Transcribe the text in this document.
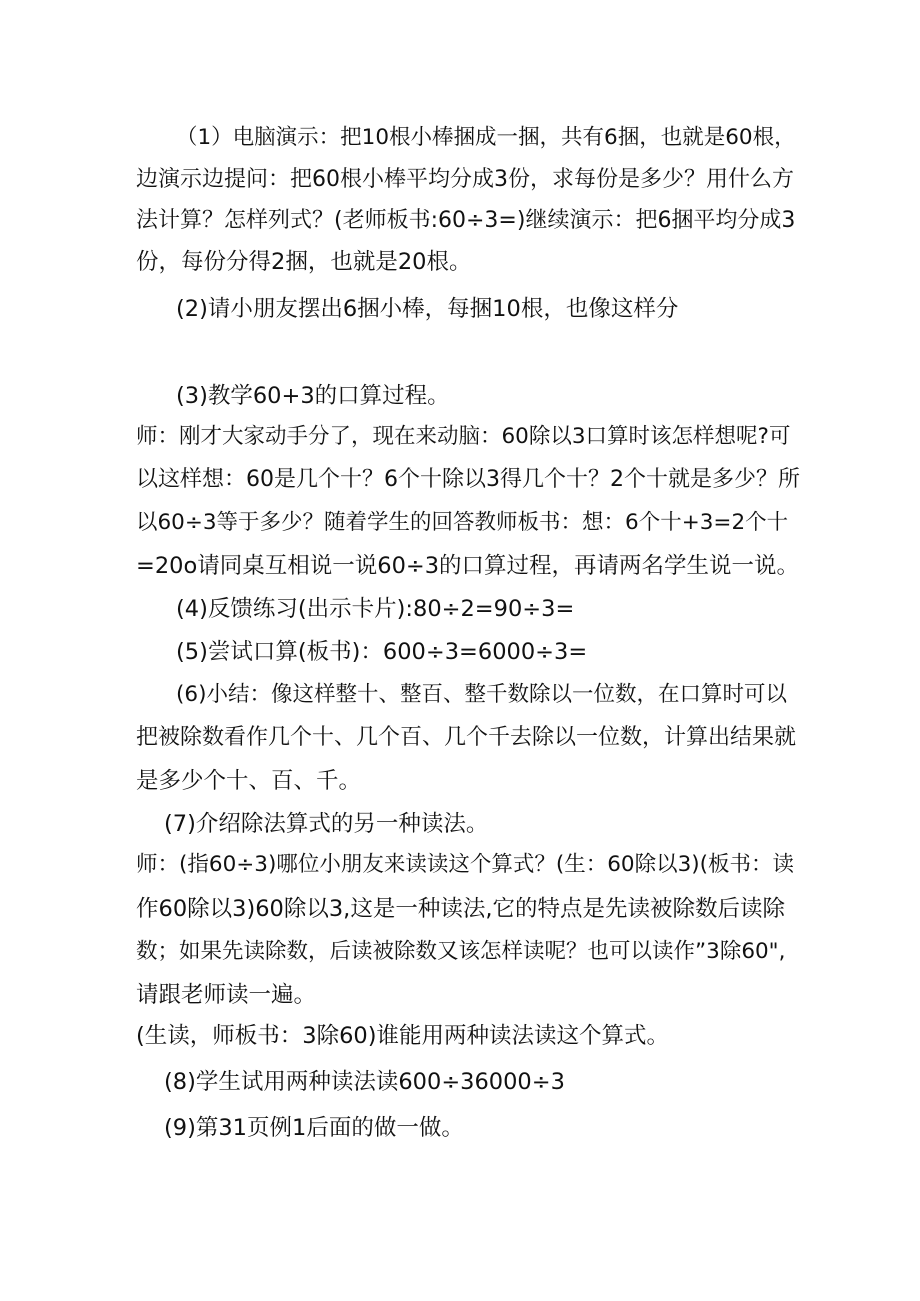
（1）电脑演示：把10根小棒捆成一捆，共有6捆，也就是60根，
边演示边提问：把60根小棒平均分成3份，求每份是多少？用什么方
法计算？怎样列式？(老师板书:60÷3=)继续演示：把6捆平均分成3
份，每份分得2捆，也就是20根。
(2)请小朋友摆出6捆小棒，每捆10根，也像这样分
(3)教学60+3的口算过程。
师：刚才大家动手分了，现在来动脑：60除以3口算时该怎样想呢?可
以这样想：60是几个十？6个十除以3得几个十？2个十就是多少？所
以60÷3等于多少？随着学生的回答教师板书：想：6个十+3=2个十
=20o请同桌互相说一说60÷3的口算过程，再请两名学生说一说。
(4)反馈练习(出示卡片):80÷2=90÷3=
(5)尝试口算(板书)：600÷3=6000÷3=
(6)小结：像这样整十、整百、整千数除以一位数，在口算时可以
把被除数看作几个十、几个百、几个千去除以一位数，计算出结果就
是多少个十、百、千。
(7)介绍除法算式的另一种读法。
师：(指60÷3)哪位小朋友来读读这个算式？(生：60除以3)(板书：读
作60除以3)60除以3,这是一种读法,它的特点是先读被除数后读除
数；如果先读除数，后读被除数又该怎样读呢？也可以读作”3除60",
请跟老师读一遍。
(生读，师板书：3除60)谁能用两种读法读这个算式。
(8)学生试用两种读法读600÷36000÷3
(9)第31页例1后面的做一做。
